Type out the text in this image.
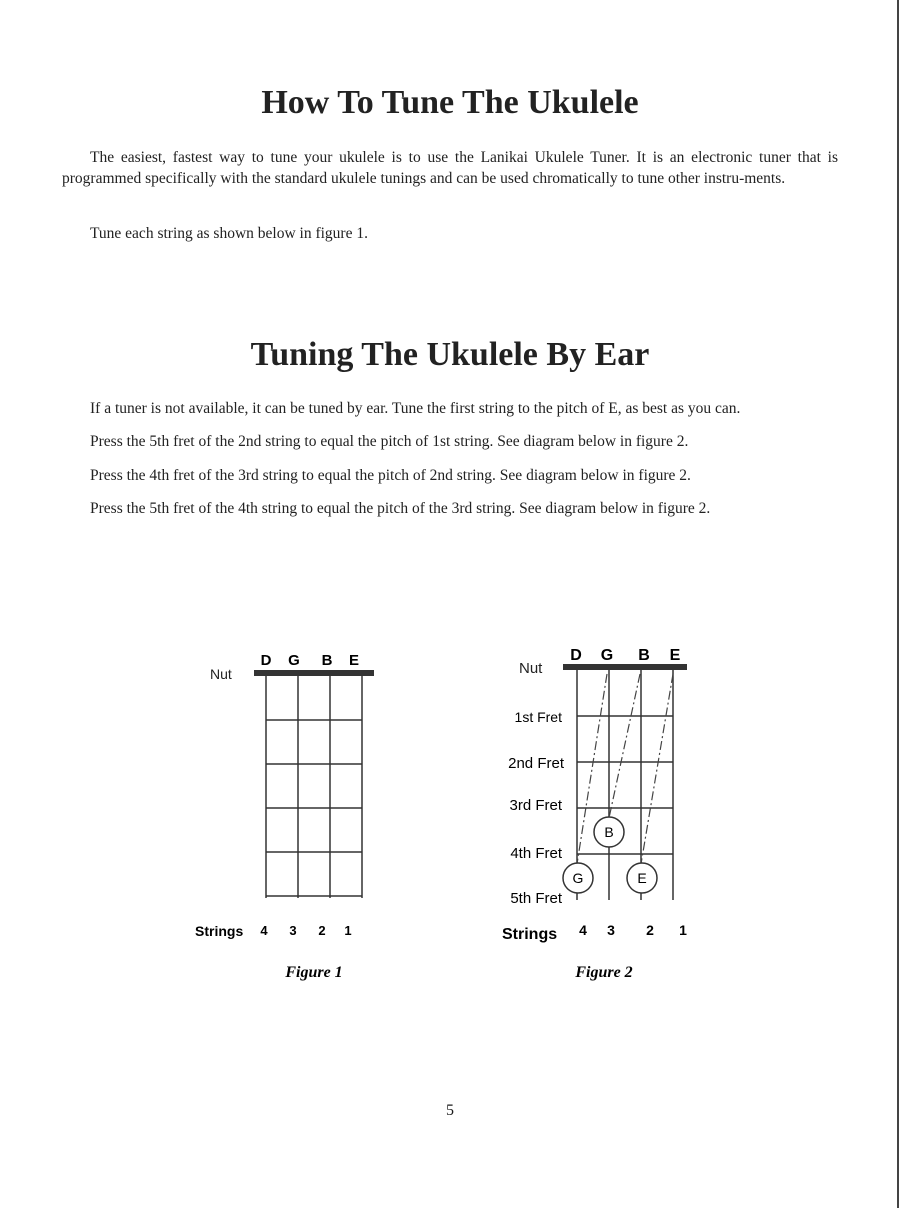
How To Tune The Ukulele

The easiest, fastest way to tune your ukulele is to use the Lanikai Ukulele Tuner. It is an electronic tuner that is programmed specifically with the standard ukulele tunings and can be used chromatically to tune other instru-ments.

Tune each string as shown below in figure 1.

Tuning The Ukulele By Ear

If a tuner is not available, it can be tuned by ear. Tune the first string to the pitch of E, as best as you can.

Press the 5th fret of the 2nd string to equal the pitch of 1st string. See diagram below in figure 2.

Press the 4th fret of the 3rd string to equal the pitch of 2nd string. See diagram below in figure 2.

Press the 5th fret of the 4th string to equal the pitch of the 3rd string. See diagram below in figure 2.

Nut
D G B E
Strings 4 3 2 1
Figure 1
Nut
D G B E
1st Fret
2nd Fret
3rd Fret
4th Fret
5th Fret
G
B
E
Strings 4 3 2 1
Figure 2
5
